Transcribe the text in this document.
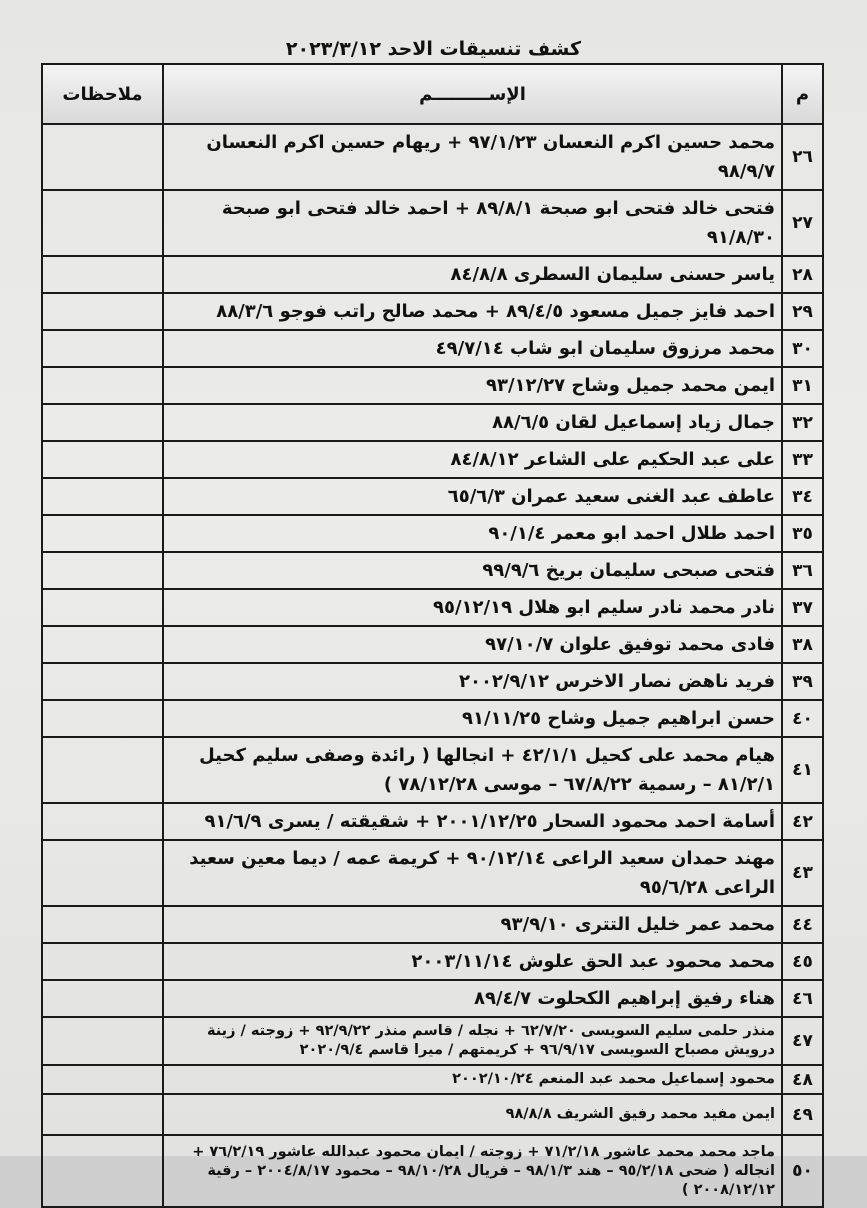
كشف تنسيقات الاحد ٢٠٢٣/٣/١٢
م	الإســـــــــم	ملاحظات
٢٦	محمد حسين اكرم النعسان ٩٧/١/٢٣ + ريهام حسين اكرم النعسان ٩٨/٩/٧	
٢٧	فتحى خالد فتحى ابو صبحة ٨٩/٨/١ + احمد خالد فتحى ابو صبحة ٩١/٨/٣٠	
٢٨	ياسر حسنى سليمان السطرى ٨٤/٨/٨	
٢٩	احمد فايز جميل مسعود ٨٩/٤/٥ + محمد صالح راتب فوجو ٨٨/٣/٦	
٣٠	محمد مرزوق سليمان ابو شاب ٤٩/٧/١٤	
٣١	ايمن محمد جميل وشاح ٩٣/١٢/٢٧	
٣٢	جمال زياد إسماعيل لقان ٨٨/٦/٥	
٣٣	على عبد الحكيم على الشاعر ٨٤/٨/١٢	
٣٤	عاطف عبد الغنى سعيد عمران ٦٥/٦/٣	
٣٥	احمد طلال احمد ابو معمر ٩٠/١/٤	
٣٦	فتحى صبحى سليمان بريخ ٩٩/٩/٦	
٣٧	نادر محمد نادر سليم ابو هلال ٩٥/١٢/١٩	
٣٨	فادى محمد توفيق علوان ٩٧/١٠/٧	
٣٩	فريد ناهض نصار الاخرس ٢٠٠٢/٩/١٢	
٤٠	حسن ابراهيم جميل وشاح ٩١/١١/٢٥	
٤١	هيام محمد على كحيل ٤٢/١/١ + انجالها ( رائدة وصفى سليم كحيل ٨١/٢/١ – رسمية ٦٧/٨/٢٢ – موسى ٧٨/١٢/٢٨ )	
٤٢	أسامة احمد محمود السحار ٢٠٠١/١٢/٢٥ + شقيقته / يسرى ٩١/٦/٩	
٤٣	مهند حمدان سعيد الراعى ٩٠/١٢/١٤ + كريمة عمه / ديما معين سعيد الراعى ٩٥/٦/٢٨	
٤٤	محمد عمر خليل التترى ٩٣/٩/١٠	
٤٥	محمد محمود عبد الحق علوش ٢٠٠٣/١١/١٤	
٤٦	هناء رفيق إبراهيم الكحلوت ٨٩/٤/٧	
٤٧	منذر حلمى سليم السويسى ٦٢/٧/٢٠ + نجله / قاسم منذر ٩٢/٩/٢٢ + زوجته / زينة درويش مصباح السويسى ٩٦/٩/١٧ + كريمتهم / ميرا قاسم ٢٠٢٠/٩/٤	
٤٨	محمود إسماعيل محمد عبد المنعم ٢٠٠٢/١٠/٢٤	
٤٩	ايمن مفيد محمد رفيق الشريف ٩٨/٨/٨	
٥٠	ماجد محمد محمد عاشور ٧١/٢/١٨ + زوجته / ايمان محمود عبدالله عاشور ٧٦/٢/١٩ + انجاله ( ضحى ٩٥/٢/١٨ – هند ٩٨/١/٣ – فريال ٩٨/١٠/٢٨ – محمود ٢٠٠٤/٨/١٧ – رقية ٢٠٠٨/١٢/١٢ )	
